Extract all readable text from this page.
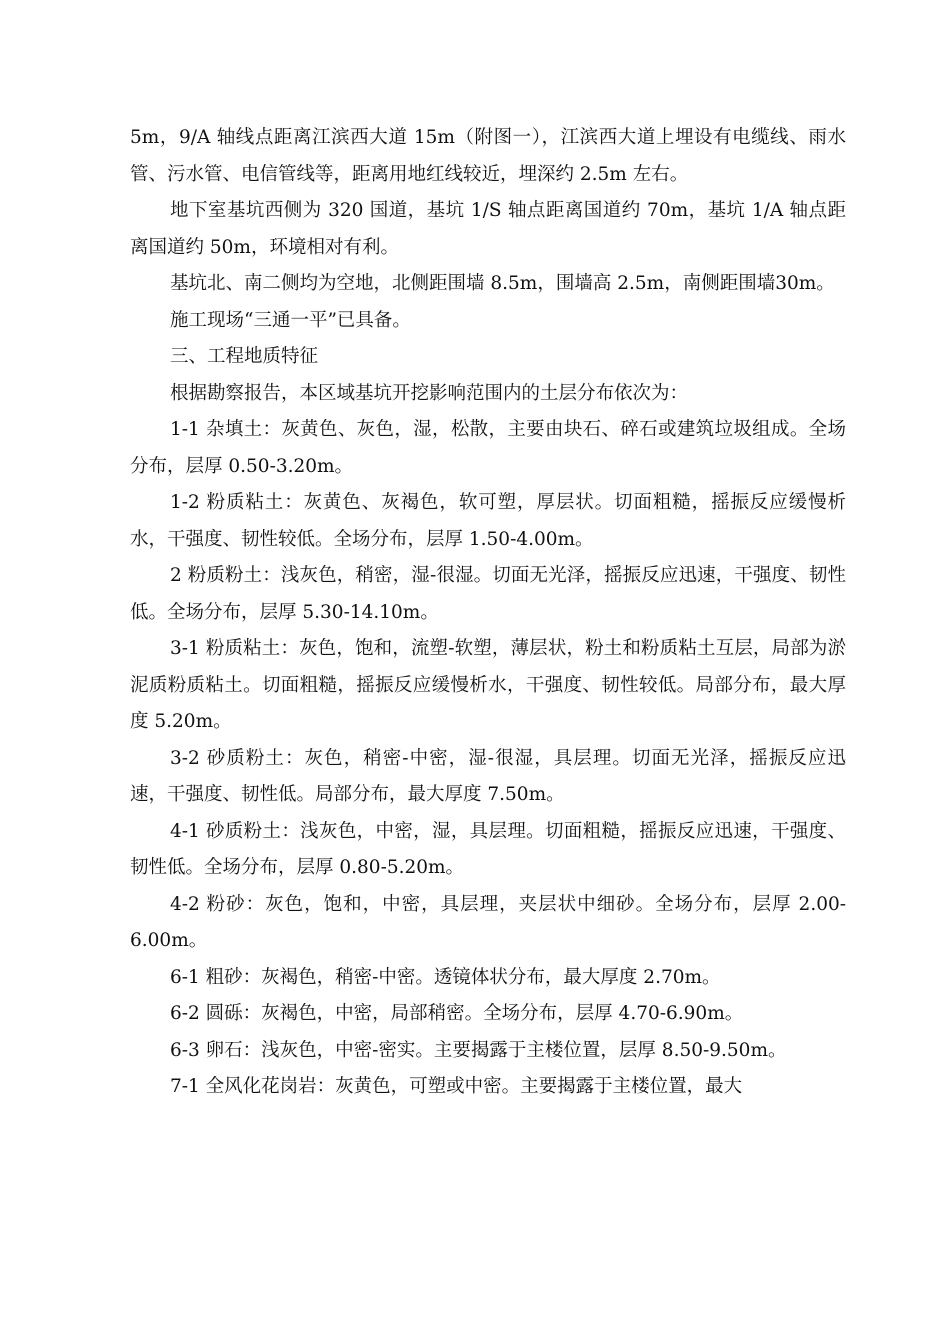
5m，9/A 轴线点距离江滨西大道 15m（附图一），江滨西大道上埋设有电缆线、雨水管、污水管、电信管线等，距离用地红线较近，埋深约 2.5m 左右。

地下室基坑西侧为 320 国道，基坑 1/S 轴点距离国道约 70m，基坑 1/A 轴点距离国道约 50m，环境相对有利。

基坑北、南二侧均为空地，北侧距围墙 8.5m，围墙高 2.5m，南侧距围墙30m。

施工现场“三通一平”已具备。

三、工程地质特征

根据勘察报告，本区域基坑开挖影响范围内的土层分布依次为：

1-1 杂填土：灰黄色、灰色，湿，松散，主要由块石、碎石或建筑垃圾组成。全场分布，层厚 0.50-3.20m。

1-2 粉质粘土：灰黄色、灰褐色，软可塑，厚层状。切面粗糙，摇振反应缓慢析水，干强度、韧性较低。全场分布，层厚 1.50-4.00m。

2 粉质粉土：浅灰色，稍密，湿-很湿。切面无光泽，摇振反应迅速，干强度、韧性低。全场分布，层厚 5.30-14.10m。

3-1 粉质粘土：灰色，饱和，流塑-软塑，薄层状，粉土和粉质粘土互层，局部为淤泥质粉质粘土。切面粗糙，摇振反应缓慢析水，干强度、韧性较低。局部分布，最大厚度 5.20m。

3-2 砂质粉土：灰色，稍密-中密，湿-很湿，具层理。切面无光泽，摇振反应迅速，干强度、韧性低。局部分布，最大厚度 7.50m。

4-1 砂质粉土：浅灰色，中密，湿，具层理。切面粗糙，摇振反应迅速，干强度、韧性低。全场分布，层厚 0.80-5.20m。

4-2 粉砂：灰色，饱和，中密，具层理，夹层状中细砂。全场分布，层厚 2.00-6.00m。

6-1 粗砂：灰褐色，稍密-中密。透镜体状分布，最大厚度 2.70m。

6-2 圆砾：灰褐色，中密，局部稍密。全场分布，层厚 4.70-6.90m。

6-3 卵石：浅灰色，中密-密实。主要揭露于主楼位置，层厚 8.50-9.50m。

7-1 全风化花岗岩：灰黄色，可塑或中密。主要揭露于主楼位置，最大
